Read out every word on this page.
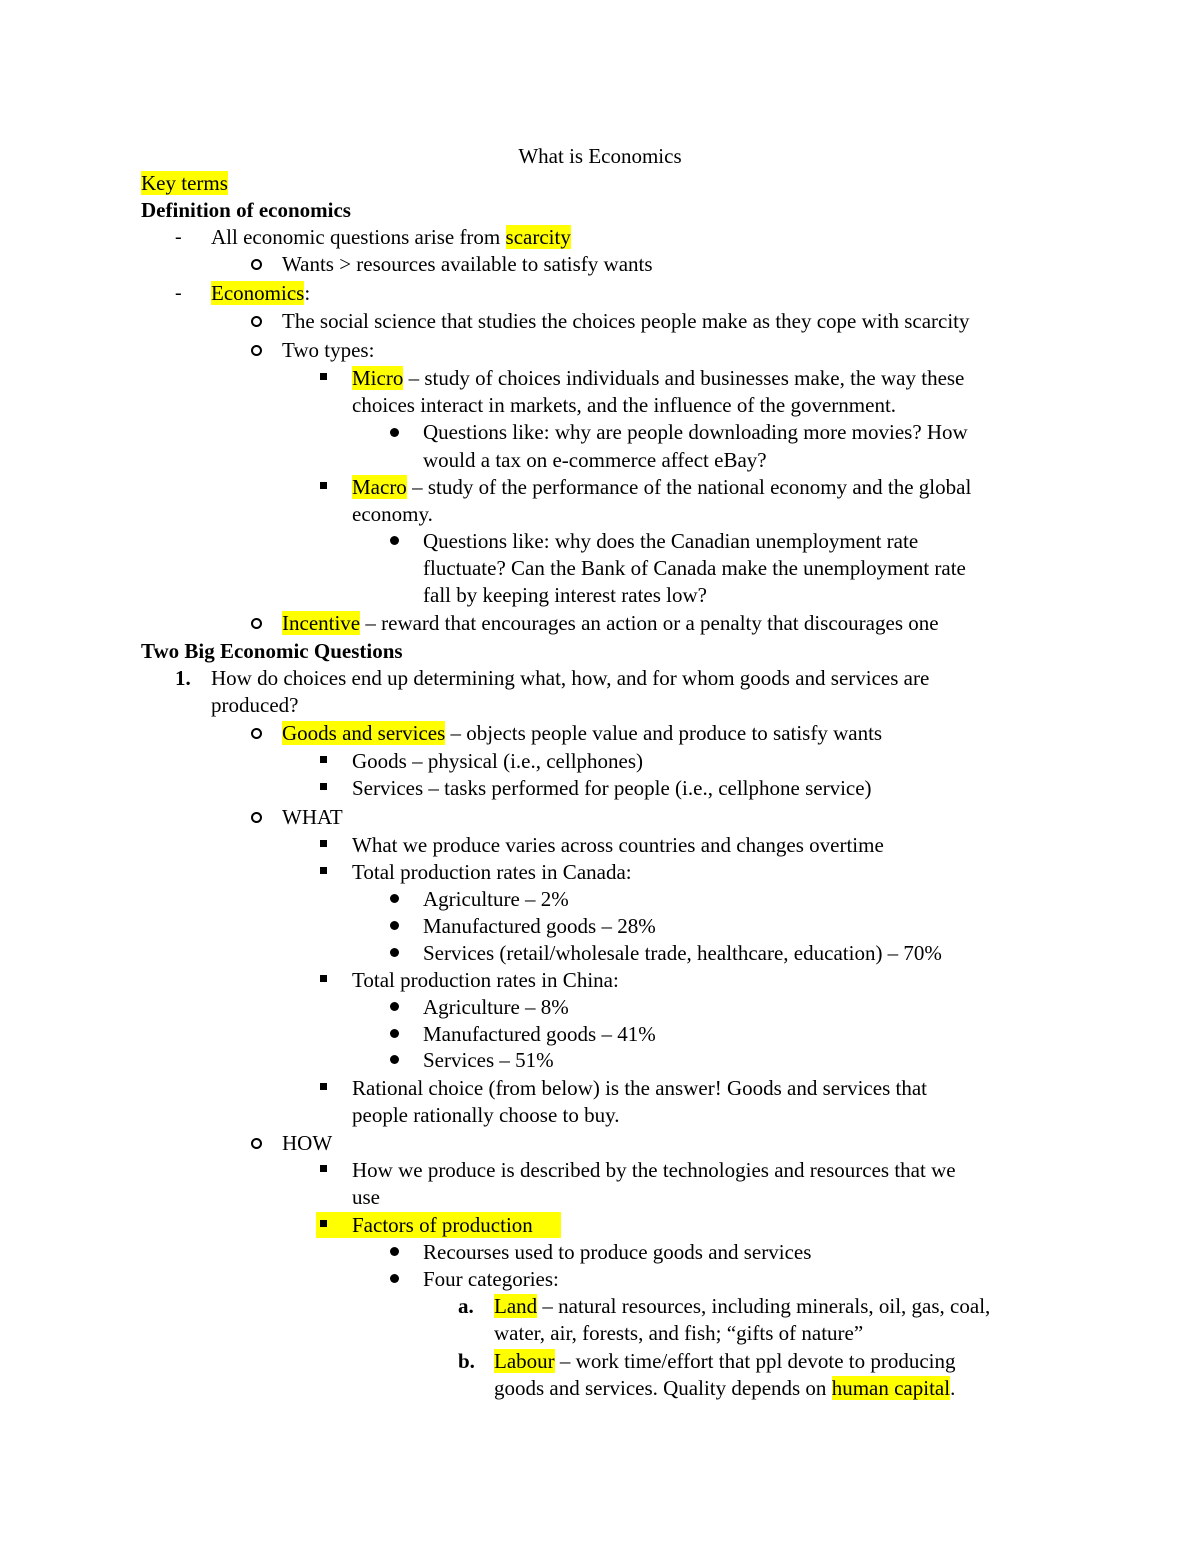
What is Economics
Key terms
Definition of economics
- All economic questions arise from scarcity
Wants > resources available to satisfy wants
- Economics:
The social science that studies the choices people make as they cope with scarcity
Two types:
Micro – study of choices individuals and businesses make, the way these
choices interact in markets, and the influence of the government.
Questions like: why are people downloading more movies? How
would a tax on e-commerce affect eBay?
Macro – study of the performance of the national economy and the global
economy.
Questions like: why does the Canadian unemployment rate
fluctuate? Can the Bank of Canada make the unemployment rate
fall by keeping interest rates low?
Incentive – reward that encourages an action or a penalty that discourages one
Two Big Economic Questions
1. How do choices end up determining what, how, and for whom goods and services are
produced?
Goods and services – objects people value and produce to satisfy wants
Goods – physical (i.e., cellphones)
Services – tasks performed for people (i.e., cellphone service)
WHAT
What we produce varies across countries and changes overtime
Total production rates in Canada:
Agriculture – 2%
Manufactured goods – 28%
Services (retail/wholesale trade, healthcare, education) – 70%
Total production rates in China:
Agriculture – 8%
Manufactured goods – 41%
Services – 51%
Rational choice (from below) is the answer! Goods and services that
people rationally choose to buy.
HOW
How we produce is described by the technologies and resources that we
use
Factors of production
Recourses used to produce goods and services
Four categories:
a. Land – natural resources, including minerals, oil, gas, coal,
water, air, forests, and fish; “gifts of nature”
b. Labour – work time/effort that ppl devote to producing
goods and services. Quality depends on human capital.
